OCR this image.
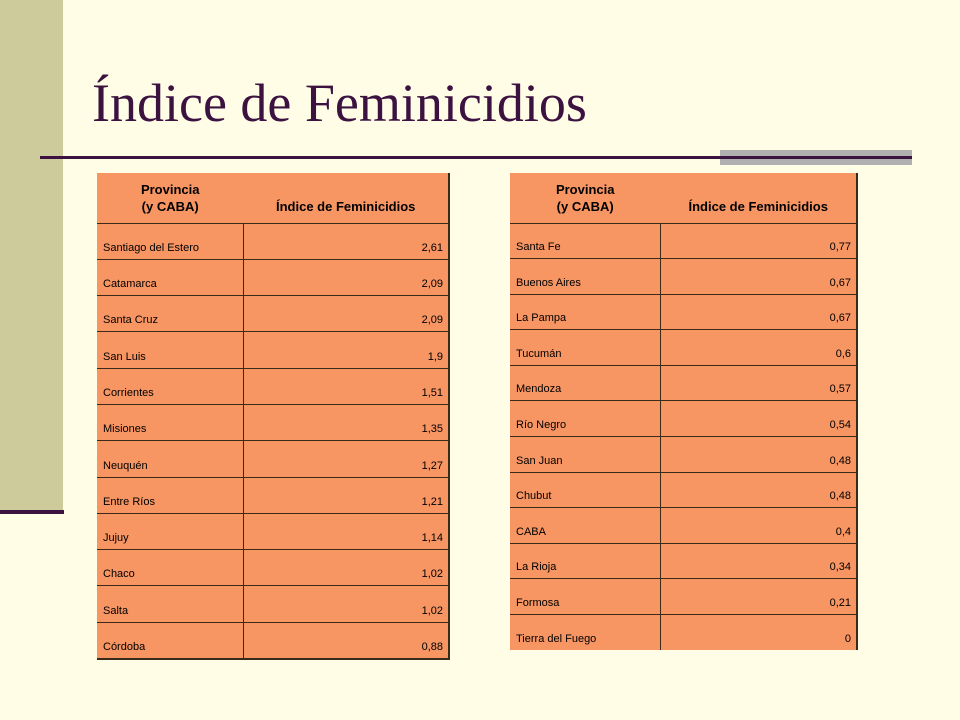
Índice de Feminicidios
Provincia
(y CABA)	Índice de Feminicidios
Santiago del Estero	2,61
Catamarca	2,09
Santa Cruz	2,09
San Luis	1,9
Corrientes	1,51
Misiones	1,35
Neuquén	1,27
Entre Ríos	1,21
Jujuy	1,14
Chaco	1,02
Salta	1,02
Córdoba	0,88
Provincia
(y CABA)	Índice de Feminicidios
Santa Fe	0,77
Buenos Aires	0,67
La Pampa	0,67
Tucumán	0,6
Mendoza	0,57
Río Negro	0,54
San Juan	0,48
Chubut	0,48
CABA	0,4
La Rioja	0,34
Formosa	0,21
Tierra del Fuego	0
